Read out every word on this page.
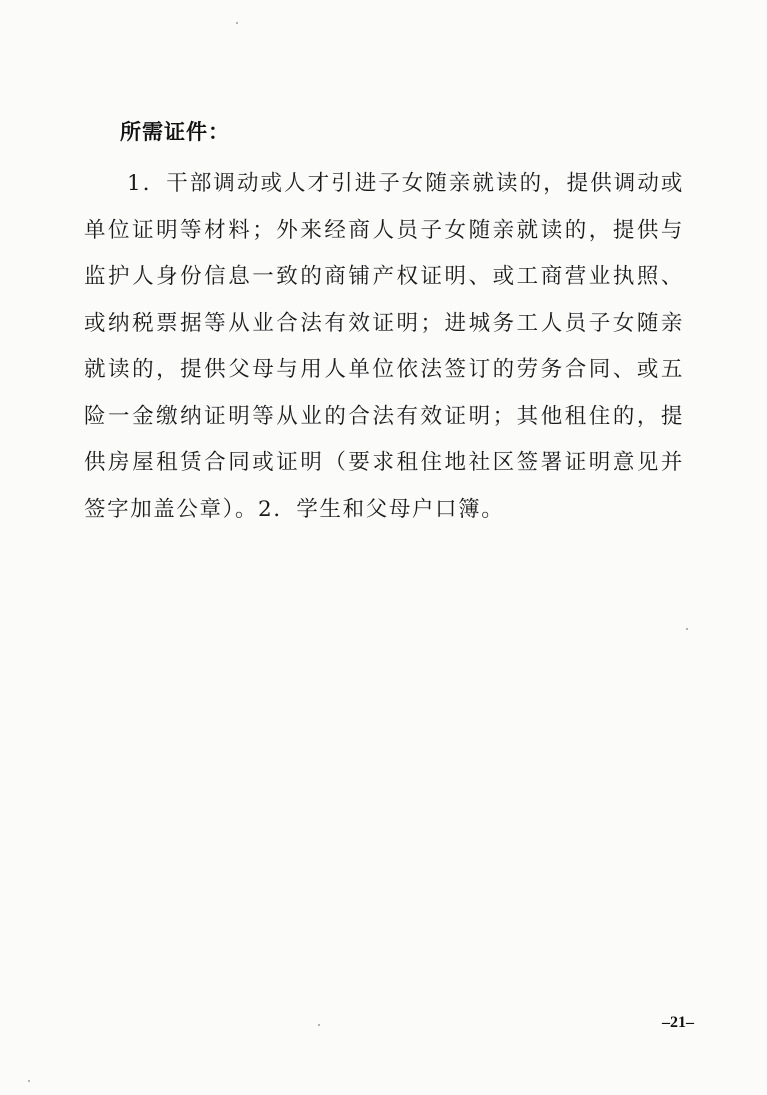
所需证件：

1．干部调动或人才引进子女随亲就读的，提供调动或单位证明等材料；外来经商人员子女随亲就读的，提供与监护人身份信息一致的商铺产权证明、或工商营业执照、或纳税票据等从业合法有效证明；进城务工人员子女随亲就读的，提供父母与用人单位依法签订的劳务合同、或五险一金缴纳证明等从业的合法有效证明；其他租住的，提供房屋租赁合同或证明（要求租住地社区签署证明意见并签字加盖公章）。2．学生和父母户口簿。

–21–
